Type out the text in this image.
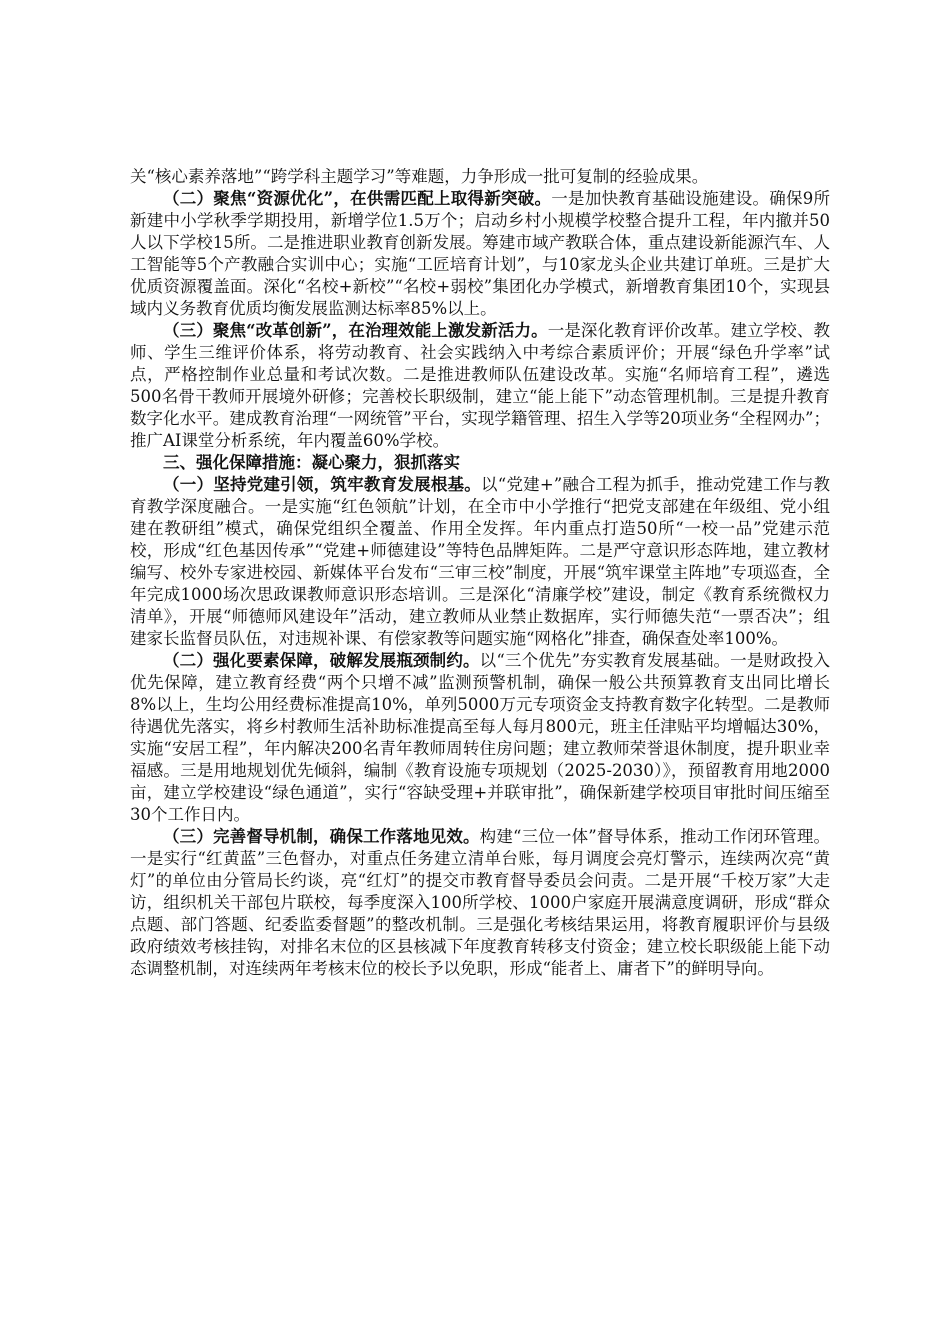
关“核心素养落地”“跨学科主题学习”等难题，力争形成一批可复制的经验成果。

（二）聚焦“资源优化”，在供需匹配上取得新突破。一是加快教育基础设施建设。确保9所新建中小学秋季学期投用，新增学位1.5万个；启动乡村小规模学校整合提升工程，年内撤并50人以下学校15所。二是推进职业教育创新发展。筹建市域产教联合体，重点建设新能源汽车、人工智能等5个产教融合实训中心；实施“工匠培育计划”，与10家龙头企业共建订单班。三是扩大优质资源覆盖面。深化“名校+新校”“名校+弱校”集团化办学模式，新增教育集团10个，实现县域内义务教育优质均衡发展监测达标率85%以上。

（三）聚焦“改革创新”，在治理效能上激发新活力。一是深化教育评价改革。建立学校、教师、学生三维评价体系，将劳动教育、社会实践纳入中考综合素质评价；开展“绿色升学率”试点，严格控制作业总量和考试次数。二是推进教师队伍建设改革。实施“名师培育工程”，遴选500名骨干教师开展境外研修；完善校长职级制，建立“能上能下”动态管理机制。三是提升教育数字化水平。建成教育治理“一网统管”平台，实现学籍管理、招生入学等20项业务“全程网办”；推广AI课堂分析系统，年内覆盖60%学校。

三、强化保障措施：凝心聚力，狠抓落实

（一）坚持党建引领，筑牢教育发展根基。以“党建+”融合工程为抓手，推动党建工作与教育教学深度融合。一是实施“红色领航”计划，在全市中小学推行“把党支部建在年级组、党小组建在教研组”模式，确保党组织全覆盖、作用全发挥。年内重点打造50所“一校一品”党建示范校，形成“红色基因传承”“党建+师德建设”等特色品牌矩阵。二是严守意识形态阵地，建立教材编写、校外专家进校园、新媒体平台发布“三审三校”制度，开展“筑牢课堂主阵地”专项巡查，全年完成1000场次思政课教师意识形态培训。三是深化“清廉学校”建设，制定《教育系统微权力清单》，开展“师德师风建设年”活动，建立教师从业禁止数据库，实行师德失范“一票否决”；组建家长监督员队伍，对违规补课、有偿家教等问题实施“网格化”排查，确保查处率100%。

（二）强化要素保障，破解发展瓶颈制约。以“三个优先”夯实教育发展基础。一是财政投入优先保障，建立教育经费“两个只增不减”监测预警机制，确保一般公共预算教育支出同比增长8%以上，生均公用经费标准提高10%，单列5000万元专项资金支持教育数字化转型。二是教师待遇优先落实，将乡村教师生活补助标准提高至每人每月800元，班主任津贴平均增幅达30%，实施“安居工程”，年内解决200名青年教师周转住房问题；建立教师荣誉退休制度，提升职业幸福感。三是用地规划优先倾斜，编制《教育设施专项规划（2025-2030）》，预留教育用地2000亩，建立学校建设“绿色通道”，实行“容缺受理+并联审批”，确保新建学校项目审批时间压缩至30个工作日内。

（三）完善督导机制，确保工作落地见效。构建“三位一体”督导体系，推动工作闭环管理。一是实行“红黄蓝”三色督办，对重点任务建立清单台账，每月调度会亮灯警示，连续两次亮“黄灯”的单位由分管局长约谈，亮“红灯”的提交市教育督导委员会问责。二是开展“千校万家”大走访，组织机关干部包片联校，每季度深入100所学校、1000户家庭开展满意度调研，形成“群众点题、部门答题、纪委监委督题”的整改机制。三是强化考核结果运用，将教育履职评价与县级政府绩效考核挂钩，对排名末位的区县核减下年度教育转移支付资金；建立校长职级能上能下动态调整机制，对连续两年考核末位的校长予以免职，形成“能者上、庸者下”的鲜明导向。
